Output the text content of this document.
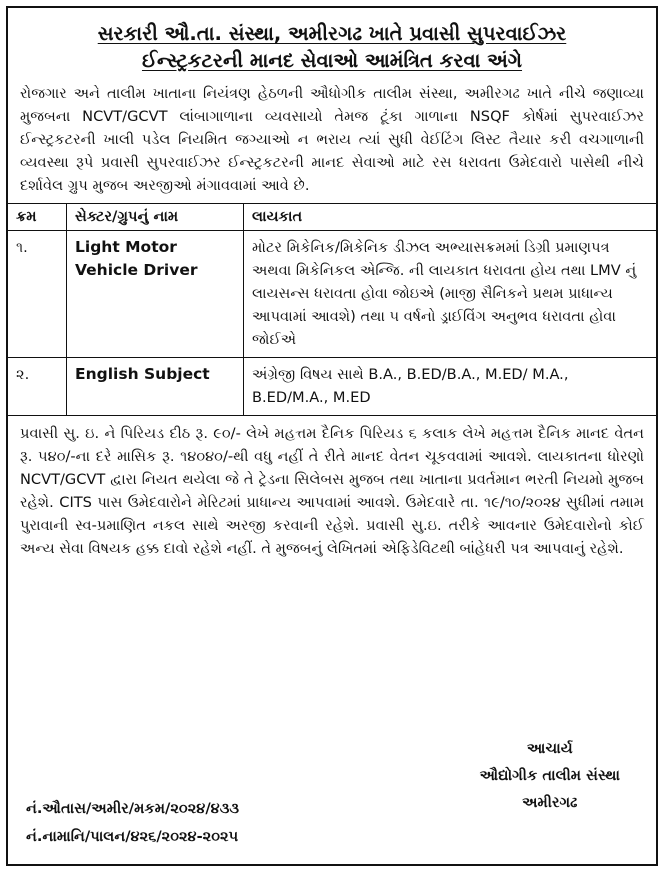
સરકારી ઔ.તા. સંસ્થા, અમીરગઢ ખાતે પ્રવાસી સુપરવાઈઝર
ઈન્સ્ટ્રકટરની માનદ સેવાઓ આમંત્રિત કરવા અંગે
રોજગાર અને તાલીમ ખાતાના નિયંત્રણ હેઠળની ઔધોગીક તાલીમ સંસ્થા, અમીરગઢ ખાતે નીચે જણાવ્યા મુજબના NCVT/GCVT લાંબાગાળાના વ્યવસાયો તેમજ ટૂંકા ગાળાના NSQF કોર્ષમાં સુપરવાઈઝર ઈન્સ્ટ્રકટરની ખાલી પડેલ નિયમિત જગ્યાઓ ન ભરાય ત્યાં સુધી વેઈટિંગ લિસ્ટ તૈયાર કરી વચગાળાની વ્યવસ્થા રૂપે પ્રવાસી સુપરવાઈઝર ઈન્સ્ટ્રકટરની માનદ સેવાઓ માટે રસ ધરાવતા ઉમેદવારો પાસેથી નીચે દર્શાવેલ ગ્રુપ મુજબ અરજીઓ મંગાવવામાં આવે છે.
ક્રમ	સેક્ટર/ગ્રુપનું નામ	લાયકાત
૧.	Light Motor Vehicle Driver	મોટર મિકેનિક/મિકેનિક ડીઝલ અભ્યાસક્રમમાં ડિગ્રી પ્રમાણપત્ર અથવા મિકેનિકલ એન્જિ. ની લાયકાત ધરાવતા હોય તથા LMV નું લાયસન્સ ધરાવતા હોવા જોઇએ (માજી સૈનિકને પ્રથમ પ્રાધાન્ય આપવામાં આવશે) તથા ૫ વર્ષનો ડ્રાઈવિંગ અનુભવ ધરાવતા હોવા જોઈએ
૨.	English Subject	અંગ્રેજી વિષય સાથે B.A., B.ED/B.A., M.ED/ M.A., B.ED/M.A., M.ED
પ્રવાસી સુ. ઇ. ને પિરિયડ દીઠ રૂ. ૯૦/- લેખે મહત્તમ દૈનિક પિરિયડ ૬ કલાક લેખે મહત્તમ દૈનિક માનદ વેતન રૂ. ૫૪૦/-ના દરે માસિક રૂ. ૧૪૦૪૦/-થી વધુ નહીં તે રીતે માનદ વેતન ચૂકવવામાં આવશે. લાયકાતના ધોરણો NCVT/GCVT દ્વારા નિયત થયેલા જે તે ટ્રેડના સિલેબસ મુજબ તથા ખાતાના પ્રવર્તમાન ભરતી નિયમો મુજબ રહેશે. CITS પાસ ઉમેદવારોને મેરિટમાં પ્રાધાન્ય આપવામાં આવશે. ઉમેદવારે તા. ૧૯/૧૦/૨૦૨૪ સુધીમાં તમામ પુરાવાની સ્વ-પ્રમાણિત નકલ સાથે અરજી કરવાની રહેશે. પ્રવાસી સુ.ઇ. તરીકે આવનાર ઉમેદવારોનો કોઈ અન્ય સેવા વિષયક હક્ક દાવો રહેશે નહીં. તે મુજબનું લેખિતમાં એફિડેવિટથી બાંહેધરી પત્ર આપવાનું રહેશે.
આચાર્ય
ઔદ્યોગીક તાલીમ સંસ્થા
અમીરગઢ
નં.ઔતાસ/અમીર/મકમ/૨૦૨૪/૪૩૩
નં.નામાનિ/પાલન/૪૨૬/૨૦૨૪-૨૦૨૫
